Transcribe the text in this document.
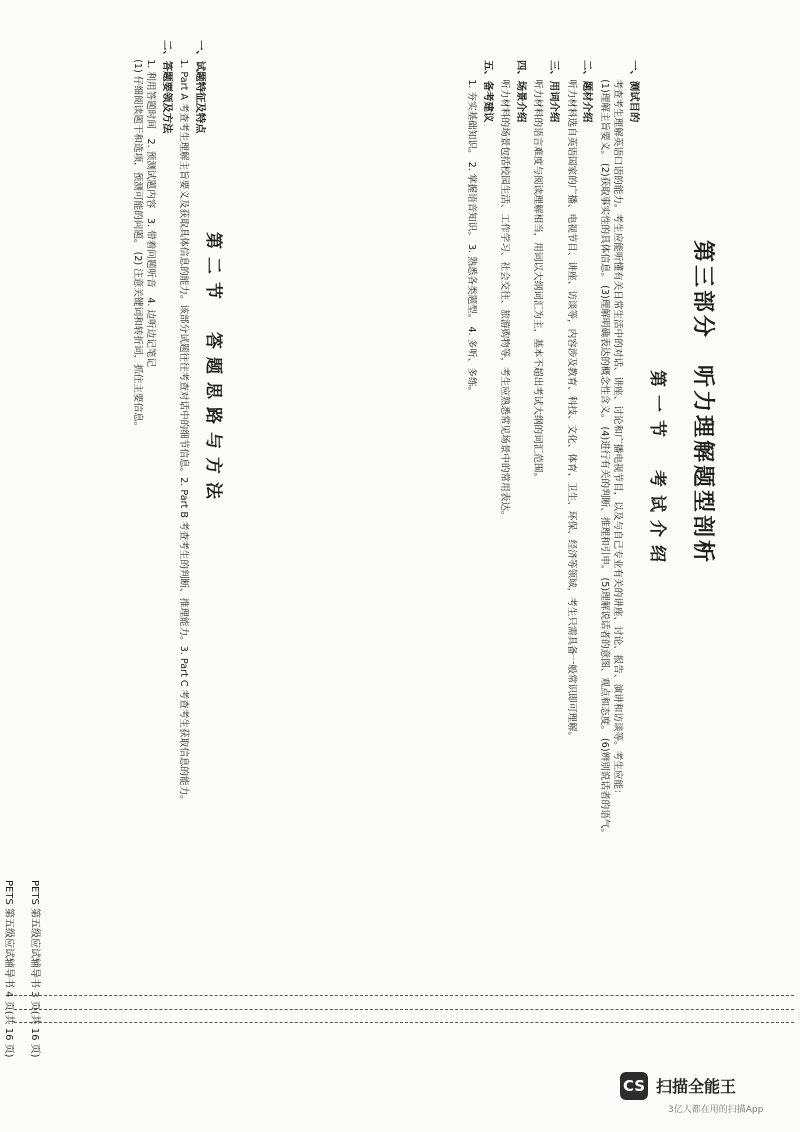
第三部分　听力理解题型剖析
第一节　考试介绍
第二节　答题思路与方法
一、测试目的

考查考生理解英语口语的能力。考生应能听懂有关日常生活中的对话、讲座、讨论和广播电视节目，以及与自己专业有关的讲座、讨论、报告、演讲和访谈等。考生应能：

(1)理解主旨要义。 (2)获取事实性的具体信息。 (3)理解明确表达的概念性含义。 (4)进行有关的判断、推理和引申。 (5)理解说话者的意图、观点和态度。 (6)辨别说话者的语气。

二、题材介绍

听力材料选自英语国家的广播、电视节目、讲座、访谈等，内容涉及教育、科技、文化、体育、卫生、环保、经济等领域，考生只需具备一般常识即可理解。

三、用词介绍

听力材料的语言难度与阅读理解相当，用词以大纲词汇为主，基本不超出考试大纲的词汇范围。

四、场景介绍

听力材料的场景包括校园生活、工作学习、社会交往、旅游购物等，考生应熟悉常见场景中的常用表达。

五、备考建议

1. 夯实基础知识。 2. 掌握语音知识。 3. 熟悉各类题型。 4. 多听、多练。

一、试题特征及特点

1. Part A 考查考生理解主旨要义及获取具体信息的能力。该部分试题往往考查对话中的细节信息。2. Part B 考查考生的判断、推理能力。3. Part C 考查考生获取信息的能力。

二、答题要领及方法

1. 利用答题时间　2. 预测试题内容　3. 带着问题听音　4. 边听边记笔记

(1) 仔细阅读题干和选项，预测可能的问题。 (2) 注意关键词和转折词，抓住主要信息。

PETS 第五级应试辅导书 3 页(共 16 页)
PETS 第五级应试辅导书 4 页(共 16 页)
CS 扫描全能王
3亿人都在用的扫描App
